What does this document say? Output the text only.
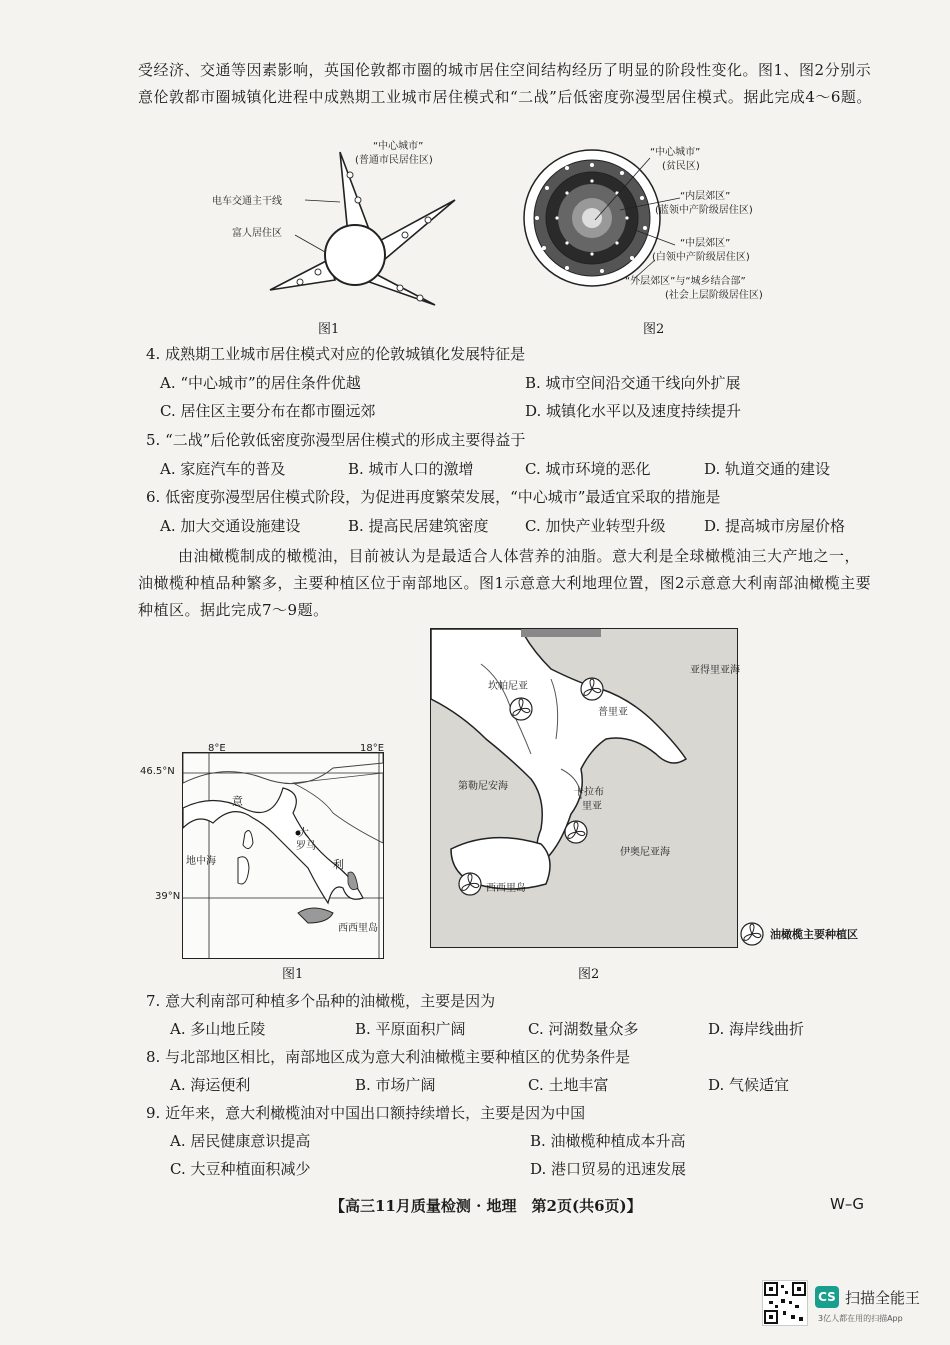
受经济、交通等因素影响，英国伦敦都市圈的城市居住空间结构经历了明显的阶段性变化。图1、图2分别示意伦敦都市圈城镇化进程中成熟期工业城市居住模式和“二战”后低密度弥漫型居住模式。据此完成4～6题。
“中心城市”
(普通市民居住区)
电车交通主干线
富人居住区
图1
“中心城市”
(贫民区)
“内层郊区”
(蓝领中产阶级居住区)
“中层郊区”
(白领中产阶级居住区)
“外层郊区”与“城乡结合部”
(社会上层阶级居住区)
图2
4. 成熟期工业城市居住模式对应的伦敦城镇化发展特征是
A. “中心城市”的居住条件优越	B. 城市空间沿交通干线向外扩展
C. 居住区主要分布在都市圈远郊	D. 城镇化水平以及速度持续提升
5. “二战”后伦敦低密度弥漫型居住模式的形成主要得益于
A. 家庭汽车的普及	B. 城市人口的激增	C. 城市环境的恶化	D. 轨道交通的建设
6. 低密度弥漫型居住模式阶段，为促进再度繁荣发展，“中心城市”最适宜采取的措施是
A. 加大交通设施建设	B. 提高民居建筑密度 C. 加快产业转型升级	D. 提高城市房屋价格
由油橄榄制成的橄榄油，目前被认为是最适合人体营养的油脂。意大利是全球橄榄油三大产地之一，油橄榄种植品种繁多，主要种植区位于南部地区。图1示意意大利地理位置，图2示意意大利南部油橄榄主要种植区。据此完成7～9题。
8°E	18°E
46.5°N
39°N
意
大
罗马
利
地中海
西西里岛
图1
亚得里亚海
第勒尼安海
伊奥尼亚海
坎帕尼亚
普里亚
卡拉布
里亚
西西里岛
油橄榄主要种植区
图2
7. 意大利南部可种植多个品种的油橄榄，主要是因为
A. 多山地丘陵	B. 平原面积广阔	C. 河湖数量众多	D. 海岸线曲折
8. 与北部地区相比，南部地区成为意大利油橄榄主要种植区的优势条件是
A. 海运便利	B. 市场广阔	C. 土地丰富	D. 气候适宜
9. 近年来，意大利橄榄油对中国出口额持续增长，主要是因为中国
A. 居民健康意识提高	B. 油橄榄种植成本升高
C. 大豆种植面积减少	D. 港口贸易的迅速发展
【高三11月质量检测 · 地理　第2页(共6页)】	W–G
CS 扫描全能王
3亿人都在用的扫描App
